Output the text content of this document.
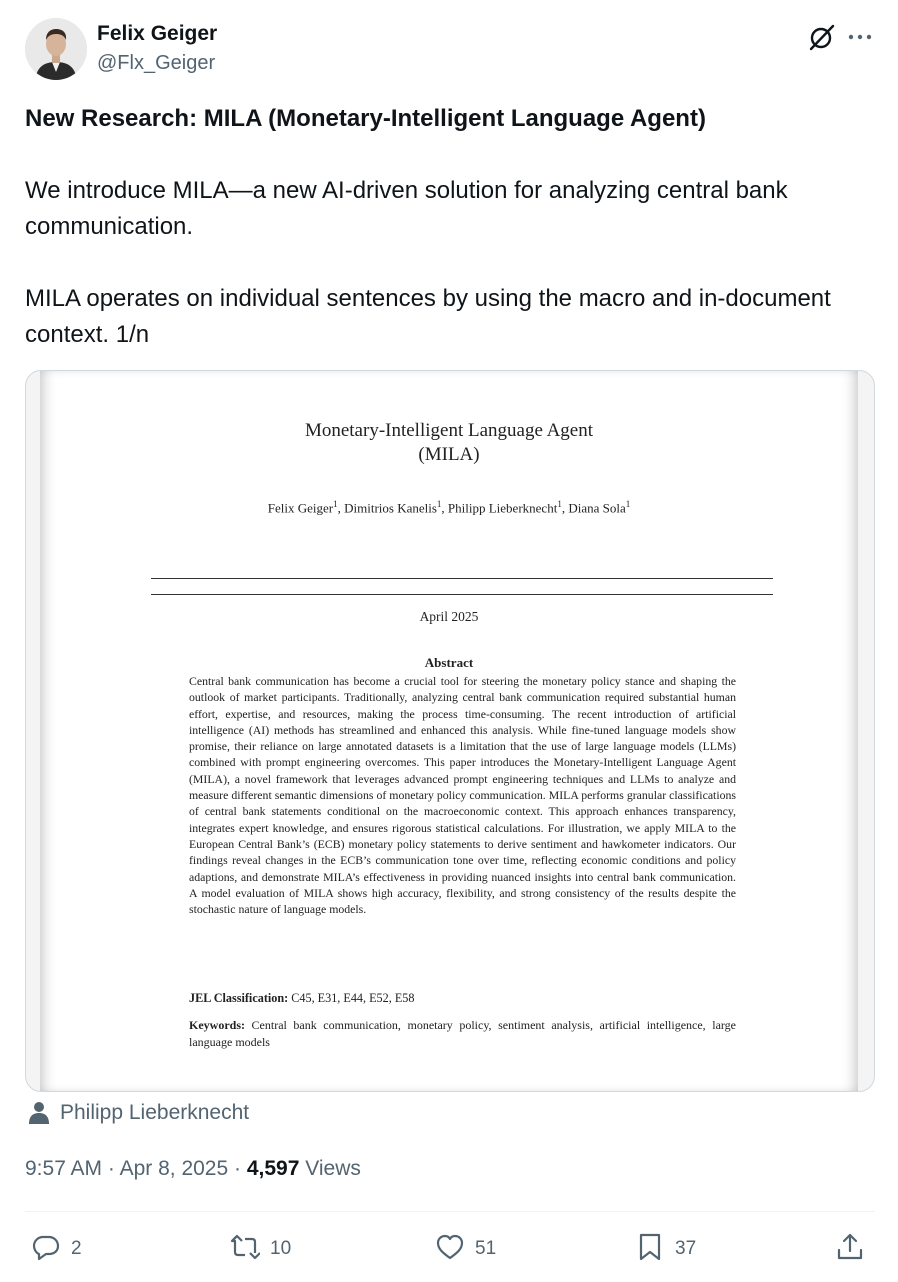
Felix Geiger
@Flx_Geiger

New Research: MILA (Monetary-Intelligent Language Agent)

We introduce MILA—a new AI-driven solution for analyzing central bank communication.

MILA operates on individual sentences by using the macro and in-document context. 1/n

Monetary-Intelligent Language Agent
(MILA)
Felix Geiger$^1$, Dimitrios Kanelis$^1$, Philipp Lieberknecht$^1$, Diana Sola$^1$
April 2025
Abstract
Central bank communication has become a crucial tool for steering the monetary policy stance and shaping the outlook of market participants. Traditionally, analyzing central bank communication required substantial human effort, expertise, and resources, making the process time-consuming. The recent introduction of artificial intelligence (AI) methods has streamlined and enhanced this analysis. While fine-tuned language models show promise, their reliance on large annotated datasets is a limitation that the use of large language models (LLMs) combined with prompt engineering overcomes. This paper introduces the Monetary-Intelligent Language Agent (MILA), a novel framework that leverages advanced prompt engineering techniques and LLMs to analyze and measure different semantic dimensions of monetary policy communication. MILA performs granular classifications of central bank statements conditional on the macroeconomic context. This approach enhances transparency, integrates expert knowledge, and ensures rigorous statistical calculations. For illustration, we apply MILA to the European Central Bank’s (ECB) monetary policy statements to derive sentiment and hawkometer indicators. Our findings reveal changes in the ECB’s communication tone over time, reflecting economic conditions and policy adaptions, and demonstrate MILA’s effectiveness in providing nuanced insights into central bank communication. A model evaluation of MILA shows high accuracy, flexibility, and strong consistency of the results despite the stochastic nature of language models.
JEL Classification: C45, E31, E44, E52, E58
Keywords: Central bank communication, monetary policy, sentiment analysis, artificial intelligence, large language models
Philipp Lieberknecht
9:57 AM · Apr 8, 2025 · 4,597 Views
2	10	51	37
